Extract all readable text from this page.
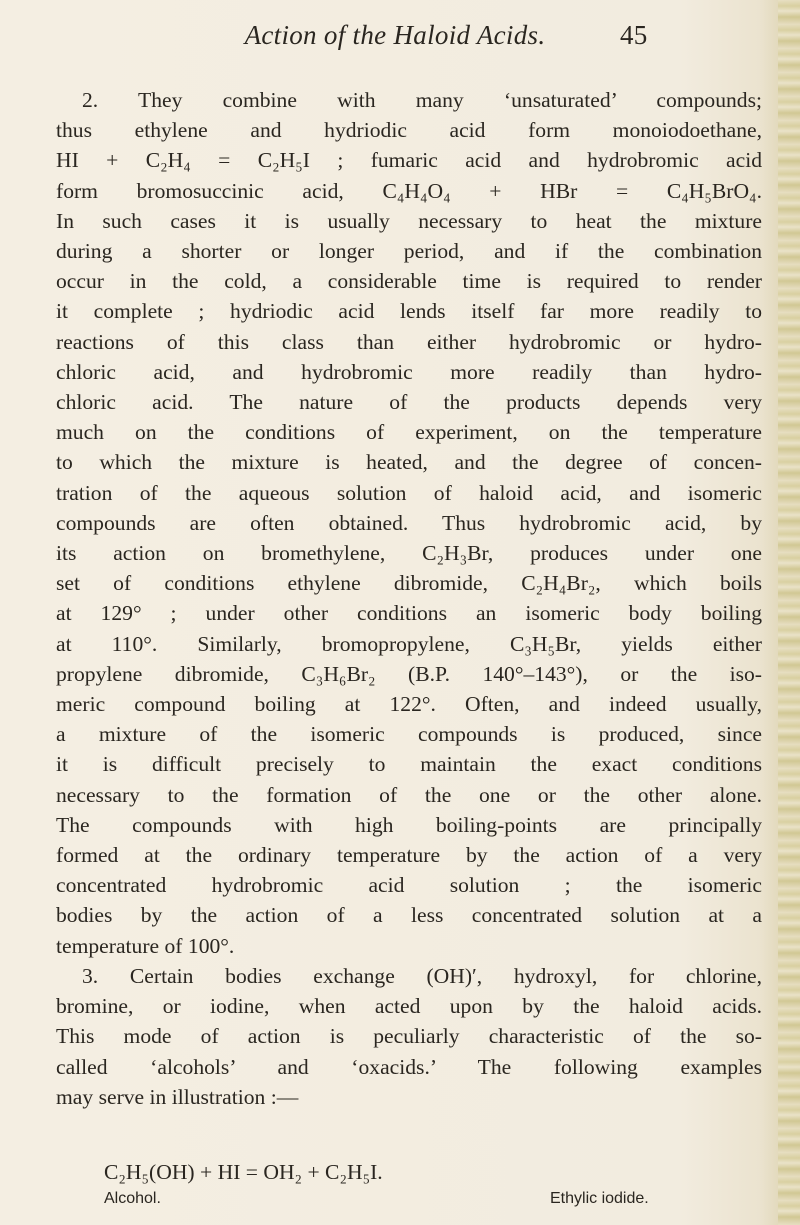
Action of the Haloid Acids.	45
2. They combine with many ‘unsaturated’ compounds;
thus ethylene and hydriodic acid form monoiodoethane,
HI + C₂H₄ = C₂H₅I ; fumaric acid and hydrobromic acid
form bromosuccinic acid, C₄H₄O₄ + HBr = C₄H₅BrO₄.
In such cases it is usually necessary to heat the mixture
during a shorter or longer period, and if the combination
occur in the cold, a considerable time is required to render
it complete ; hydriodic acid lends itself far more readily to
reactions of this class than either hydrobromic or hydro-
chloric acid, and hydrobromic more readily than hydro-
chloric acid. The nature of the products depends very
much on the conditions of experiment, on the temperature
to which the mixture is heated, and the degree of concen-
tration of the aqueous solution of haloid acid, and isomeric
compounds are often obtained. Thus hydrobromic acid, by
its action on bromethylene, C₂H₃Br, produces under one
set of conditions ethylene dibromide, C₂H₄Br₂, which boils
at 129° ; under other conditions an isomeric body boiling
at 110°. Similarly, bromopropylene, C₃H₅Br, yields either
propylene dibromide, C₃H₆Br₂ (B.P. 140°–143°), or the iso-
meric compound boiling at 122°. Often, and indeed usually,
a mixture of the isomeric compounds is produced, since
it is difficult precisely to maintain the exact conditions
necessary to the formation of the one or the other alone.
The compounds with high boiling-points are principally
formed at the ordinary temperature by the action of a very
concentrated hydrobromic acid solution ; the isomeric
bodies by the action of a less concentrated solution at a
temperature of 100°.
3. Certain bodies exchange (OH)′, hydroxyl, for chlorine,
bromine, or iodine, when acted upon by the haloid acids.
This mode of action is peculiarly characteristic of the so-
called ‘alcohols’ and ‘oxacids.’ The following examples
may serve in illustration :—
C₂H₅(OH) + HI = OH₂ + C₂H₅I.
Alcohol.	Ethylic iodide.
